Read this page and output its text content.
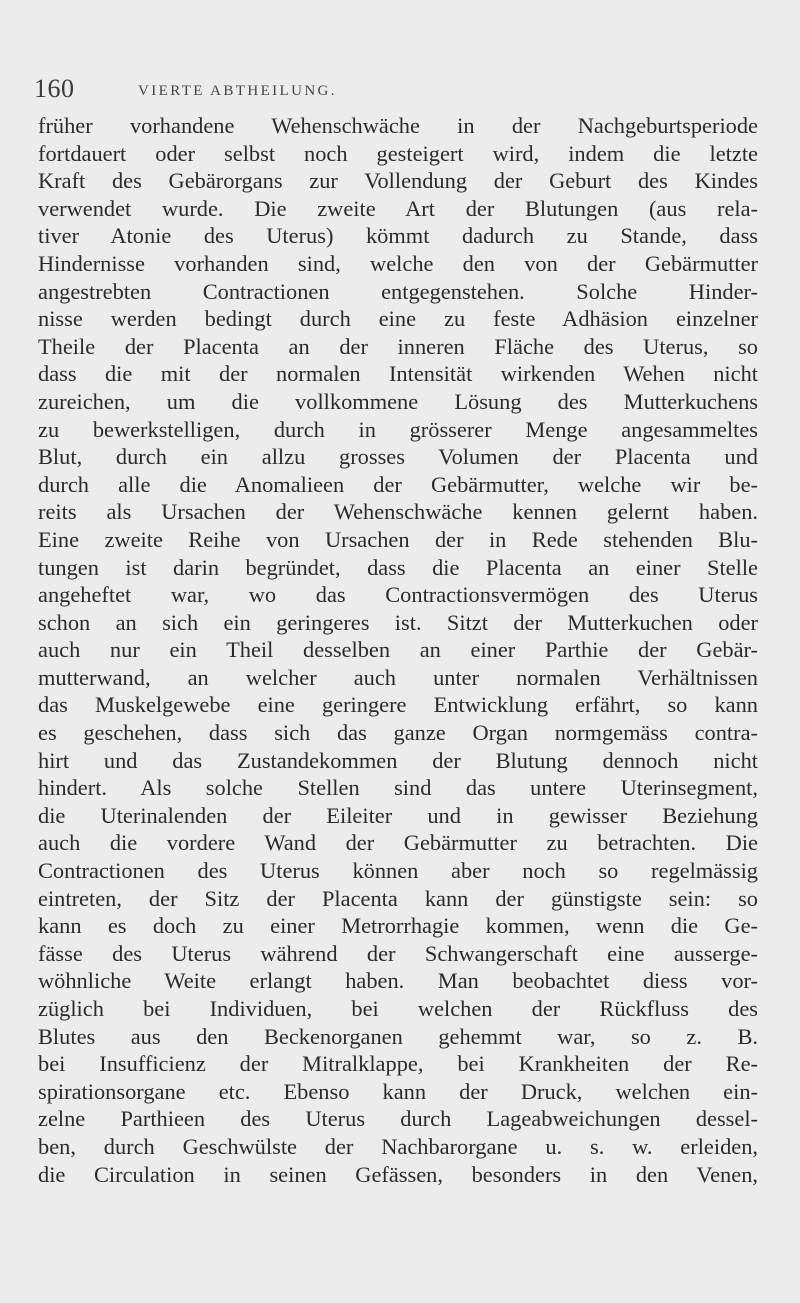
160	VIERTE ABTHEILUNG.
früher vorhandene Wehenschwäche in der Nachgeburtsperiode
fortdauert oder selbst noch gesteigert wird, indem die letzte
Kraft des Gebärorgans zur Vollendung der Geburt des Kindes
verwendet wurde. Die zweite Art der Blutungen (aus rela-
tiver Atonie des Uterus) kömmt dadurch zu Stande, dass
Hindernisse vorhanden sind, welche den von der Gebärmutter
angestrebten Contractionen entgegenstehen. Solche Hinder-
nisse werden bedingt durch eine zu feste Adhäsion einzelner
Theile der Placenta an der inneren Fläche des Uterus, so
dass die mit der normalen Intensität wirkenden Wehen nicht
zureichen, um die vollkommene Lösung des Mutterkuchens
zu bewerkstelligen, durch in grösserer Menge angesammeltes
Blut, durch ein allzu grosses Volumen der Placenta und
durch alle die Anomalieen der Gebärmutter, welche wir be-
reits als Ursachen der Wehenschwäche kennen gelernt haben.
Eine zweite Reihe von Ursachen der in Rede stehenden Blu-
tungen ist darin begründet, dass die Placenta an einer Stelle
angeheftet war, wo das Contractionsvermögen des Uterus
schon an sich ein geringeres ist. Sitzt der Mutterkuchen oder
auch nur ein Theil desselben an einer Parthie der Gebär-
mutterwand, an welcher auch unter normalen Verhältnissen
das Muskelgewebe eine geringere Entwicklung erfährt, so kann
es geschehen, dass sich das ganze Organ normgemäss contra-
hirt und das Zustandekommen der Blutung dennoch nicht
hindert. Als solche Stellen sind das untere Uterinsegment,
die Uterinalenden der Eileiter und in gewisser Beziehung
auch die vordere Wand der Gebärmutter zu betrachten. Die
Contractionen des Uterus können aber noch so regelmässig
eintreten, der Sitz der Placenta kann der günstigste sein: so
kann es doch zu einer Metrorrhagie kommen, wenn die Ge-
fässe des Uterus während der Schwangerschaft eine ausserge-
wöhnliche Weite erlangt haben. Man beobachtet diess vor-
züglich bei Individuen, bei welchen der Rückfluss des
Blutes aus den Beckenorganen gehemmt war, so z. B.
bei Insufficienz der Mitralklappe, bei Krankheiten der Re-
spirationsorgane etc. Ebenso kann der Druck, welchen ein-
zelne Parthieen des Uterus durch Lageabweichungen dessel-
ben, durch Geschwülste der Nachbarorgane u. s. w. erleiden,
die Circulation in seinen Gefässen, besonders in den Venen,
